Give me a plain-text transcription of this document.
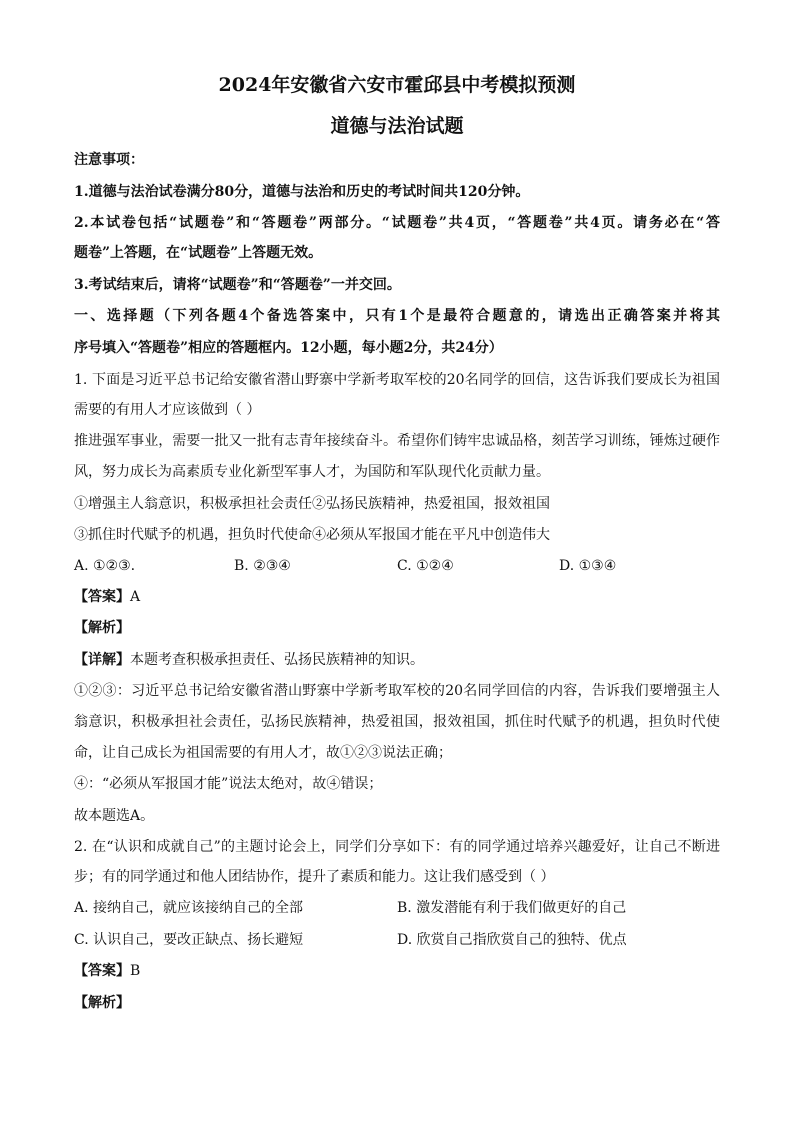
2024年安徽省六安市霍邱县中考模拟预测
道德与法治试题
注意事项：
1.道德与法治试卷满分80分，道德与法治和历史的考试时间共120分钟。
2.本试卷包括“试题卷”和“答题卷”两部分。“试题卷”共4页，“答题卷”共4页。请务必在“答
题卷”上答题，在“试题卷”上答题无效。
3.考试结束后，请将“试题卷”和“答题卷”一并交回。
一、选择题（下列各题4个备选答案中，只有1个是最符合题意的，请选出正确答案并将其
序号填入“答题卷”相应的答题框内。12小题，每小题2分，共24分）
1. 下面是习近平总书记给安徽省潜山野寨中学新考取军校的20名同学的回信，这告诉我们要成长为祖国
需要的有用人才应该做到（ ）
推进强军事业，需要一批又一批有志青年接续奋斗。希望你们铸牢忠诚品格，刻苦学习训练，锤炼过硬作
风，努力成长为高素质专业化新型军事人才，为国防和军队现代化贡献力量。
①增强主人翁意识，积极承担社会责任②弘扬民族精神，热爱祖国，报效祖国
③抓住时代赋予的机遇，担负时代使命④必须从军报国才能在平凡中创造伟大
A. ①②③.	B. ②③④	C. ①②④	D. ①③④
【答案】A
【解析】
【详解】本题考查积极承担责任、弘扬民族精神的知识。
①②③：习近平总书记给安徽省潜山野寨中学新考取军校的20名同学回信的内容，告诉我们要增强主人
翁意识，积极承担社会责任，弘扬民族精神，热爱祖国，报效祖国，抓住时代赋予的机遇，担负时代使
命，让自己成长为祖国需要的有用人才，故①②③说法正确；
④：“必须从军报国才能”说法太绝对，故④错误；
故本题选A。
2. 在“认识和成就自己”的主题讨论会上，同学们分享如下：有的同学通过培养兴趣爱好，让自己不断进
步；有的同学通过和他人团结协作，提升了素质和能力。这让我们感受到（ ）
A. 接纳自己，就应该接纳自己的全部	B. 激发潜能有利于我们做更好的自己
C. 认识自己，要改正缺点、扬长避短	D. 欣赏自己指欣赏自己的独特、优点
【答案】B
【解析】
